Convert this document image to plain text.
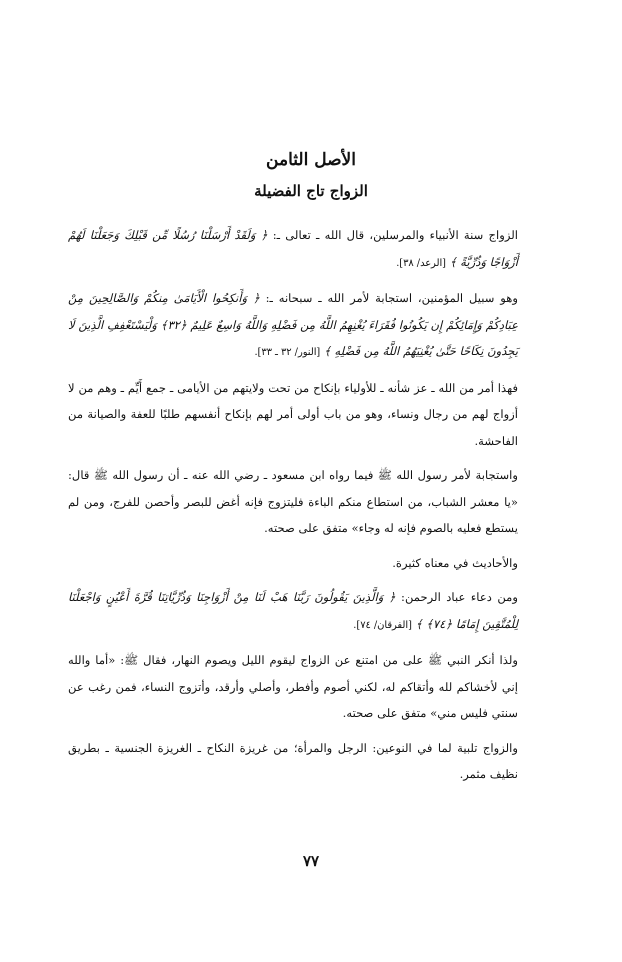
الأصل الثامن
الزواج تاج الفضيلة

الزواج سنة الأنبياء والمرسلين، قال الله ـ تعالى ـ: ﴿ وَلَقَدْ أَرْسَلْنَا رُسُلًا مِّن قَبْلِكَ وَجَعَلْنَا لَهُمْ أَزْوَاجًا وَذُرِّيَّةً ﴾ [الرعد/ ٣٨].

وهو سبيل المؤمنين، استجابة لأمر الله ـ سبحانه ـ: ﴿ وَأَنكِحُوا الْأَيَامَىٰ مِنكُمْ وَالصَّالِحِينَ مِنْ عِبَادِكُمْ وَإِمَائِكُمْ إِن يَكُونُوا فُقَرَاءَ يُغْنِهِمُ اللَّهُ مِن فَضْلِهِ وَاللَّهُ وَاسِعٌ عَلِيمٌ ﴿٣٢﴾ وَلْيَسْتَعْفِفِ الَّذِينَ لَا يَجِدُونَ نِكَاحًا حَتَّىٰ يُغْنِيَهُمُ اللَّهُ مِن فَضْلِهِ ﴾ [النور/ ٣٢ ـ ٣٣].

فهذا أمر من الله ـ عز شأنه ـ للأولياء بإنكاح من تحت ولايتهم من الأيامى ـ جمع أَيِّم ـ وهم من لا أزواج لهم من رجال ونساء، وهو من باب أولى أمر لهم بإنكاح أنفسهم طلبًا للعفة والصيانة من الفاحشة.

واستجابة لأمر رسول الله ﷺ فيما رواه ابن مسعود ـ رضي الله عنه ـ أن رسول الله ﷺ قال: «يا معشر الشباب، من استطاع منكم الباءة فليتزوج فإنه أغض للبصر وأحصن للفرج، ومن لم يستطع فعليه بالصوم فإنه له وجاء» متفق على صحته.

والأحاديث في معناه كثيرة.

ومن دعاء عباد الرحمن: ﴿ وَالَّذِينَ يَقُولُونَ رَبَّنَا هَبْ لَنَا مِنْ أَزْوَاجِنَا وَذُرِّيَّاتِنَا قُرَّةَ أَعْيُنٍ وَاجْعَلْنَا لِلْمُتَّقِينَ إِمَامًا ﴿٧٤﴾ ﴾ [الفرقان/ ٧٤].

ولذا أنكر النبي ﷺ على من امتنع عن الزواج ليقوم الليل ويصوم النهار، فقال ﷺ: «أما والله إني لأخشاكم لله وأتقاكم له، لكني أصوم وأفطر، وأصلي وأرقد، وأتزوج النساء، فمن رغب عن سنتي فليس مني» متفق على صحته.

والزواج تلبية لما في النوعين: الرجل والمرأة؛ من غريزة النكاح ـ الغريزة الجنسية ـ بطريق نظيف مثمر.

٧٧
